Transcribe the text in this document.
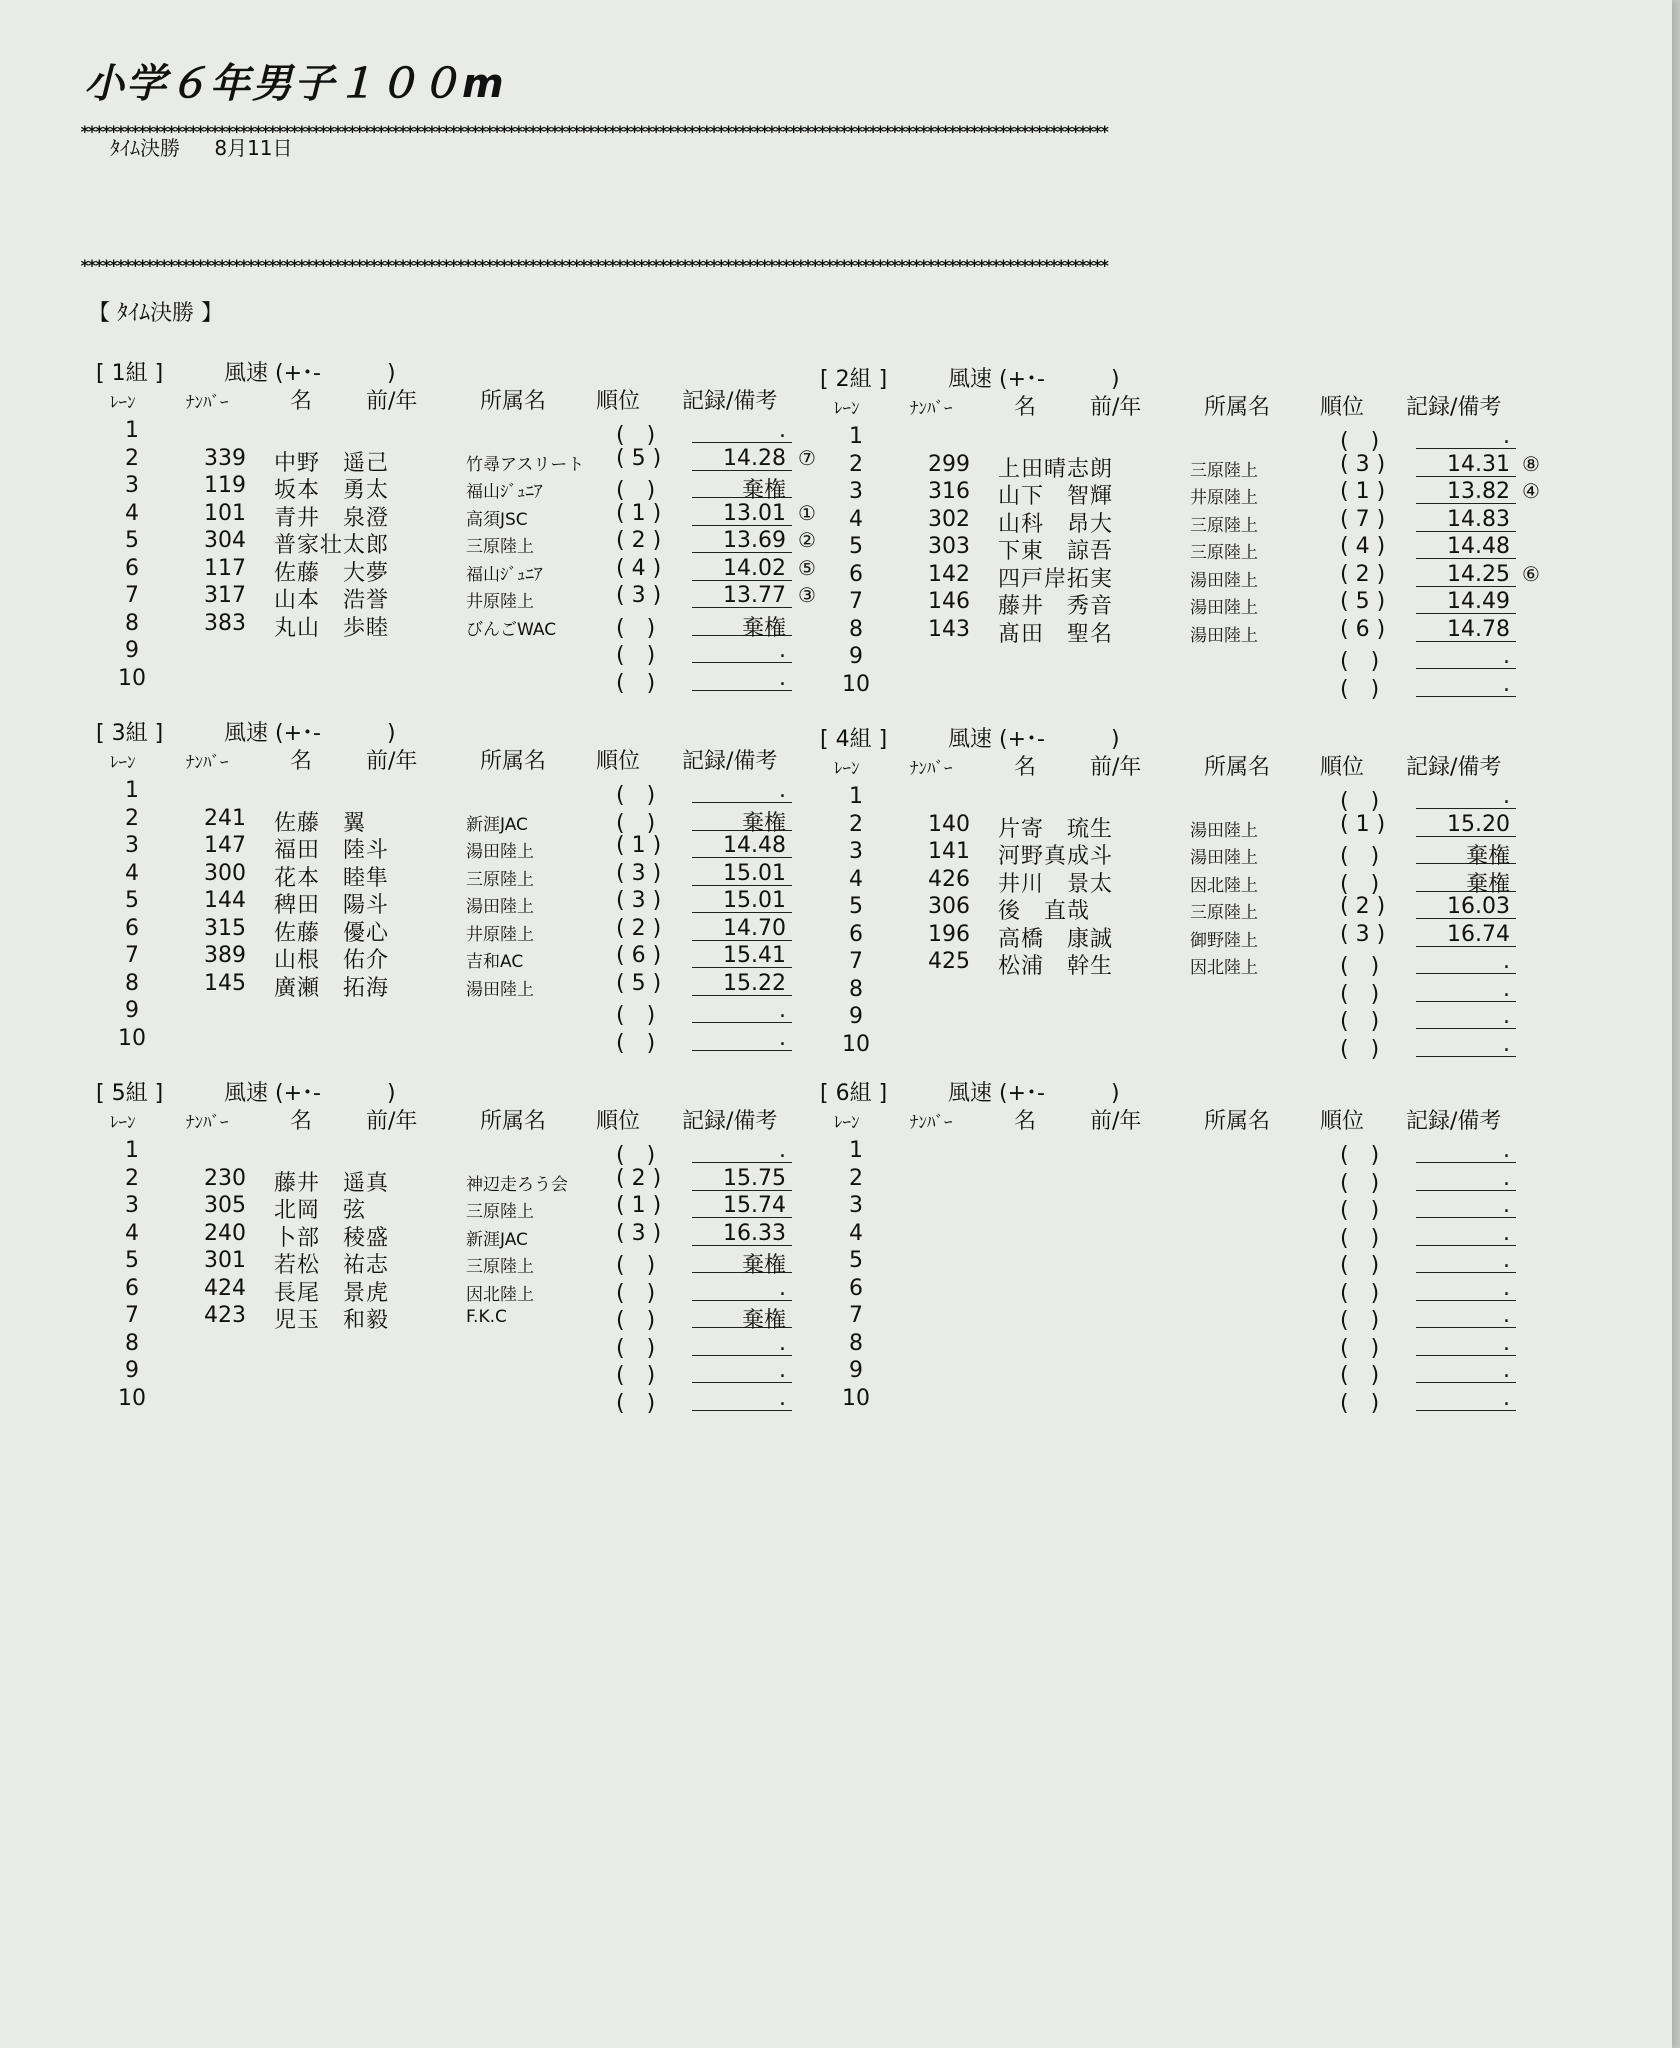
小学６年男子１００m
**********************************************************************************************************************************************
ﾀｲﾑ決勝 8月11日
**********************************************************************************************************************************************
【 ﾀｲﾑ決勝 】
[ 1組 ]	風速 (+･-　　　)
ﾚｰﾝ	ﾅﾝﾊﾞｰ	名 前/年	所属名 順位 記録/備考
1	(　)	.
2	339 中野　遥己	竹尋アスリート ( 5 )	14.28 ⑦
3	119 坂本　勇太	福山ｼﾞｭﾆｱ	(　)	棄権
4	101 青井　泉澄	高須JSC	( 1 )	13.01 ①
5	304 普家壮太郎	三原陸上	( 2 )	13.69 ②
6	117 佐藤　大夢	福山ｼﾞｭﾆｱ	( 4 )	14.02 ⑤
7	317 山本　浩誉	井原陸上	( 3 )	13.77 ③
8	383 丸山　歩睦	びんごWAC	(　)	棄権
9	(　)	.
10	(　)	.
[ 2組 ]	風速 (+･-　　　)
ﾚｰﾝ	ﾅﾝﾊﾞｰ	名 前/年	所属名 順位 記録/備考
1	(　)	.
2	299 上田晴志朗	三原陸上	( 3 )	14.31 ⑧
3	316 山下　智輝	井原陸上	( 1 )	13.82 ④
4	302 山科　昂大	三原陸上	( 7 )	14.83
5	303 下東　諒吾	三原陸上	( 4 )	14.48
6	142 四戸岸拓実	湯田陸上	( 2 )	14.25 ⑥
7	146 藤井　秀音	湯田陸上	( 5 )	14.49
8	143 髙田　聖名	湯田陸上	( 6 )	14.78
9	(　)	.
10	(　)	.
[ 3組 ]	風速 (+･-　　　)
ﾚｰﾝ	ﾅﾝﾊﾞｰ	名 前/年	所属名 順位 記録/備考
1	(　)	.
2	241 佐藤　翼	新涯JAC	(　)	棄権
3	147 福田　陸斗	湯田陸上	( 1 )	14.48
4	300 花本　睦隼	三原陸上	( 3 )	15.01
5	144 稗田　陽斗	湯田陸上	( 3 )	15.01
6	315 佐藤　優心	井原陸上	( 2 )	14.70
7	389 山根　佑介	吉和AC	( 6 )	15.41
8	145 廣瀬　拓海	湯田陸上	( 5 )	15.22
9	(　)	.
10	(　)	.
[ 4組 ]	風速 (+･-　　　)
ﾚｰﾝ	ﾅﾝﾊﾞｰ	名 前/年	所属名 順位 記録/備考
1	(　)	.
2	140 片寄　琉生	湯田陸上	( 1 )	15.20
3	141 河野真成斗	湯田陸上	(　)	棄権
4	426 井川　景太	因北陸上	(　)	棄権
5	306 後　直哉	三原陸上	( 2 )	16.03
6	196 高橋　康誠	御野陸上	( 3 )	16.74
7	425 松浦　幹生	因北陸上	(　)	.
8	(　)	.
9	(　)	.
10	(　)	.
[ 5組 ]	風速 (+･-　　　)
ﾚｰﾝ	ﾅﾝﾊﾞｰ	名 前/年	所属名 順位 記録/備考
1	(　)	.
2	230 藤井　遥真	神辺走ろう会 ( 2 )	15.75
3	305 北岡　弦	三原陸上	( 1 )	15.74
4	240 卜部　稜盛	新涯JAC	( 3 )	16.33
5	301 若松　祐志	三原陸上	(　)	棄権
6	424 長尾　景虎	因北陸上	(　)	.
7	423 児玉　和毅	F.K.C	(　)	棄権
8	(　)	.
9	(　)	.
10	(　)	.
[ 6組 ]	風速 (+･-　　　)
ﾚｰﾝ	ﾅﾝﾊﾞｰ	名 前/年	所属名 順位 記録/備考
1	(　)	.
2	(　)	.
3	(　)	.
4	(　)	.
5	(　)	.
6	(　)	.
7	(　)	.
8	(　)	.
9	(　)	.
10	(　)	.
